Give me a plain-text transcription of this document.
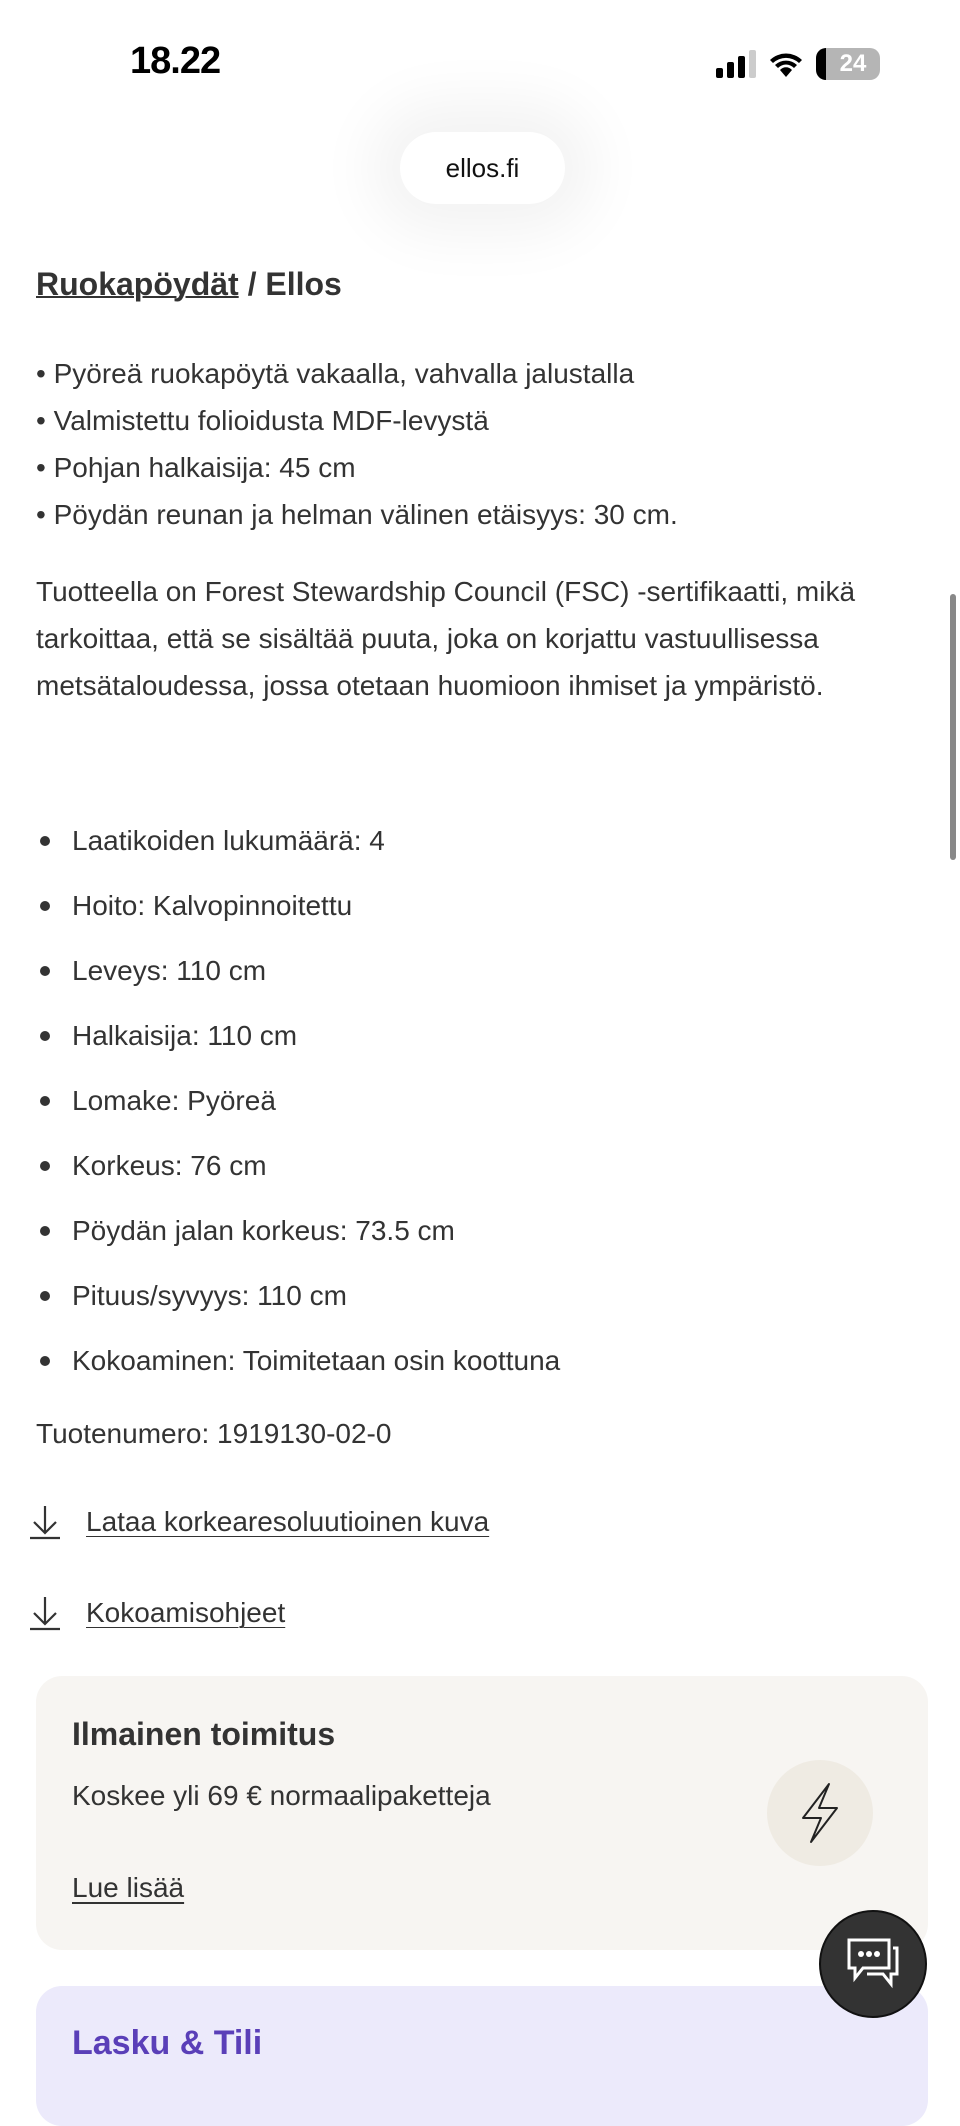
18.22	24
ellos.fi
Ruokapöydät / Ellos
• Pyöreä ruokapöytä vakaalla, vahvalla jalustalla
• Valmistettu folioidusta MDF-levystä
• Pohjan halkaisija: 45 cm
• Pöydän reunan ja helman välinen etäisyys: 30 cm.

Tuotteella on Forest Stewardship Council (FSC) -sertifikaatti, mikä tarkoittaa, että se sisältää puuta, joka on korjattu vastuullisessa metsätaloudessa, jossa otetaan huomioon ihmiset ja ympäristö.

Laatikoiden lukumäärä: 4
Hoito: Kalvopinnoitettu
Leveys: 110 cm
Halkaisija: 110 cm
Lomake: Pyöreä
Korkeus: 76 cm
Pöydän jalan korkeus: 73.5 cm
Pituus/syvyys: 110 cm
Kokoaminen: Toimitetaan osin koottuna
Tuotenumero: 1919130-02-0
Lataa korkearesoluutioinen kuva
Kokoamisohjeet
Ilmainen toimitus
Koskee yli 69 € normaalipaketteja
Lue lisää
Lasku & Tili
